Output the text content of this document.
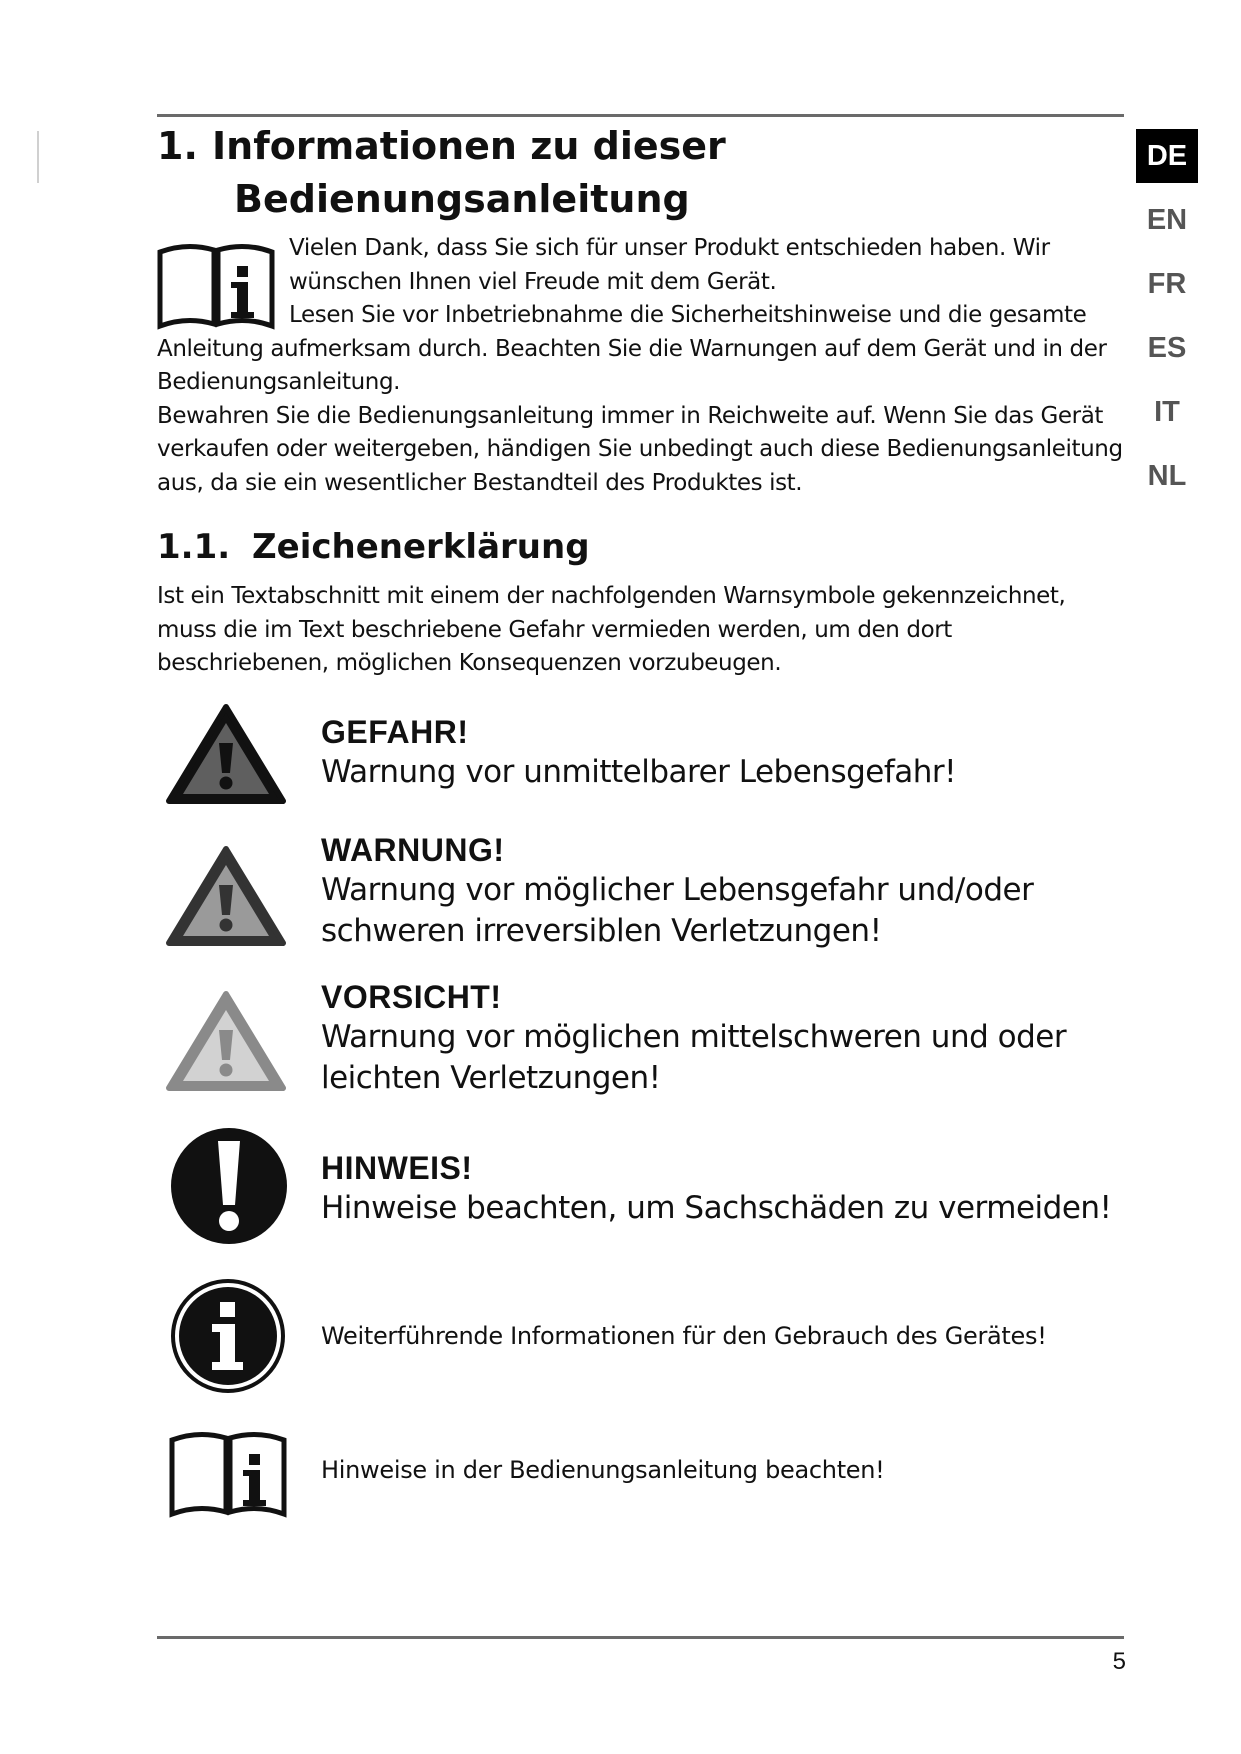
DE
EN
FR
ES
IT
NL
1. Informationen zu dieser
Bedienungsanleitung

Vielen Dank, dass Sie sich für unser Produkt entschieden haben. Wir wünschen Ihnen viel Freude mit dem Gerät.

Lesen Sie vor Inbetriebnahme die Sicherheitshinweise und die gesamte Anleitung aufmerksam durch. Beachten Sie die Warnungen auf dem Gerät und in der Bedienungsanleitung.

Bewahren Sie die Bedienungsanleitung immer in Reichweite auf. Wenn Sie das Gerät verkaufen oder weitergeben, händigen Sie unbedingt auch diese Bedienungsanleitung aus, da sie ein wesentlicher Bestandteil des Produktes ist.

1.1. Zeichenerklärung

Ist ein Textabschnitt mit einem der nachfolgenden Warnsymbole gekennzeichnet, muss die im Text beschriebene Gefahr vermieden werden, um den dort beschriebenen, möglichen Konsequenzen vorzubeugen.

GEFAHR!
Warnung vor unmittelbarer Lebensgefahr!
WARNUNG!
Warnung vor möglicher Lebensgefahr und/oder schweren irreversiblen Verletzungen!
VORSICHT!
Warnung vor möglichen mittelschweren und oder leichten Verletzungen!
HINWEIS!
Hinweise beachten, um Sachschäden zu vermeiden!
Weiterführende Informationen für den Gebrauch des Gerätes!
Hinweise in der Bedienungsanleitung beachten!
5
